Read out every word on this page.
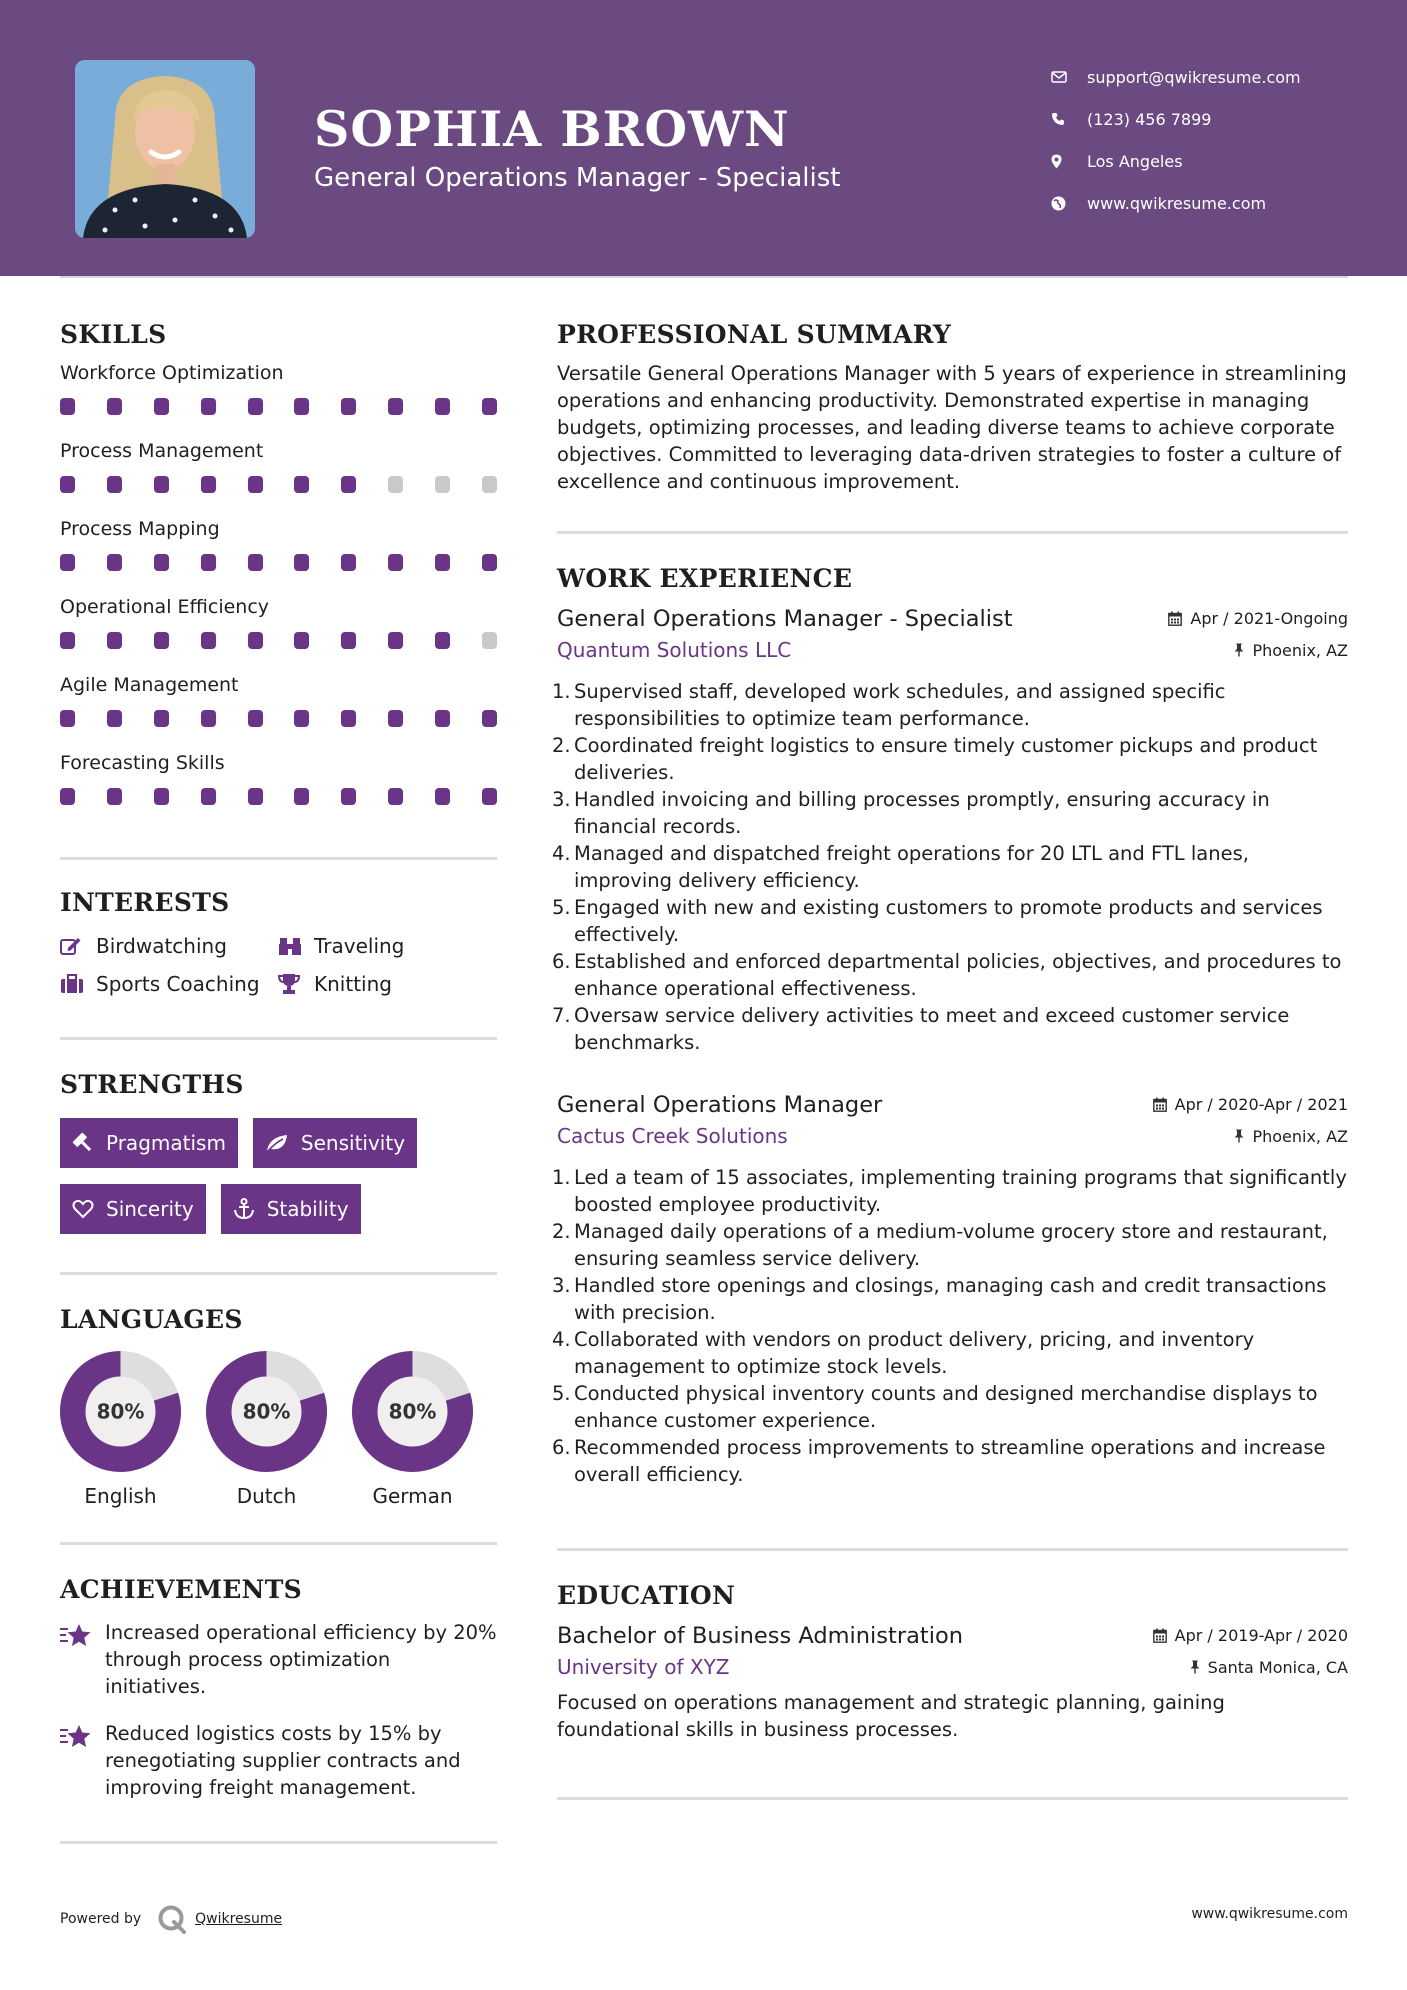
SOPHIA BROWN
General Operations Manager - Specialist
support@qwikresume.com
(123) 456 7899
Los Angeles
www.qwikresume.com
SKILLS
Workforce Optimization
Process Management
Process Mapping
Operational Efficiency
Agile Management
Forecasting Skills
INTERESTS
Birdwatching	Traveling
Sports Coaching	Knitting
STRENGTHS
Pragmatism	Sensitivity
Sincerity	Stability
LANGUAGES
80%
English
80%
Dutch
80%
German
ACHIEVEMENTS
Increased operational efficiency by 20% through process optimization initiatives.
Reduced logistics costs by 15% by renegotiating supplier contracts and improving freight management.
PROFESSIONAL SUMMARY
Versatile General Operations Manager with 5 years of experience in streamlining operations and enhancing productivity. Demonstrated expertise in managing budgets, optimizing processes, and leading diverse teams to achieve corporate objectives. Committed to leveraging data-driven strategies to foster a culture of excellence and continuous improvement.
WORK EXPERIENCE
General Operations Manager - Specialist	Apr / 2021-Ongoing
Quantum Solutions LLC	Phoenix, AZ
1. Supervised staff, developed work schedules, and assigned specific responsibilities to optimize team performance.
2. Coordinated freight logistics to ensure timely customer pickups and product deliveries.
3. Handled invoicing and billing processes promptly, ensuring accuracy in financial records.
4. Managed and dispatched freight operations for 20 LTL and FTL lanes, improving delivery efficiency.
5. Engaged with new and existing customers to promote products and services effectively.
6. Established and enforced departmental policies, objectives, and procedures to enhance operational effectiveness.
7. Oversaw service delivery activities to meet and exceed customer service benchmarks.
General Operations Manager	Apr / 2020-Apr / 2021
Cactus Creek Solutions	Phoenix, AZ
1. Led a team of 15 associates, implementing training programs that significantly boosted employee productivity.
2. Managed daily operations of a medium-volume grocery store and restaurant, ensuring seamless service delivery.
3. Handled store openings and closings, managing cash and credit transactions with precision.
4. Collaborated with vendors on product delivery, pricing, and inventory management to optimize stock levels.
5. Conducted physical inventory counts and designed merchandise displays to enhance customer experience.
6. Recommended process improvements to streamline operations and increase overall efficiency.
EDUCATION
Bachelor of Business Administration	Apr / 2019-Apr / 2020
University of XYZ	Santa Monica, CA
Focused on operations management and strategic planning, gaining foundational skills in business processes.
Powered by	Qwikresume	www.qwikresume.com
